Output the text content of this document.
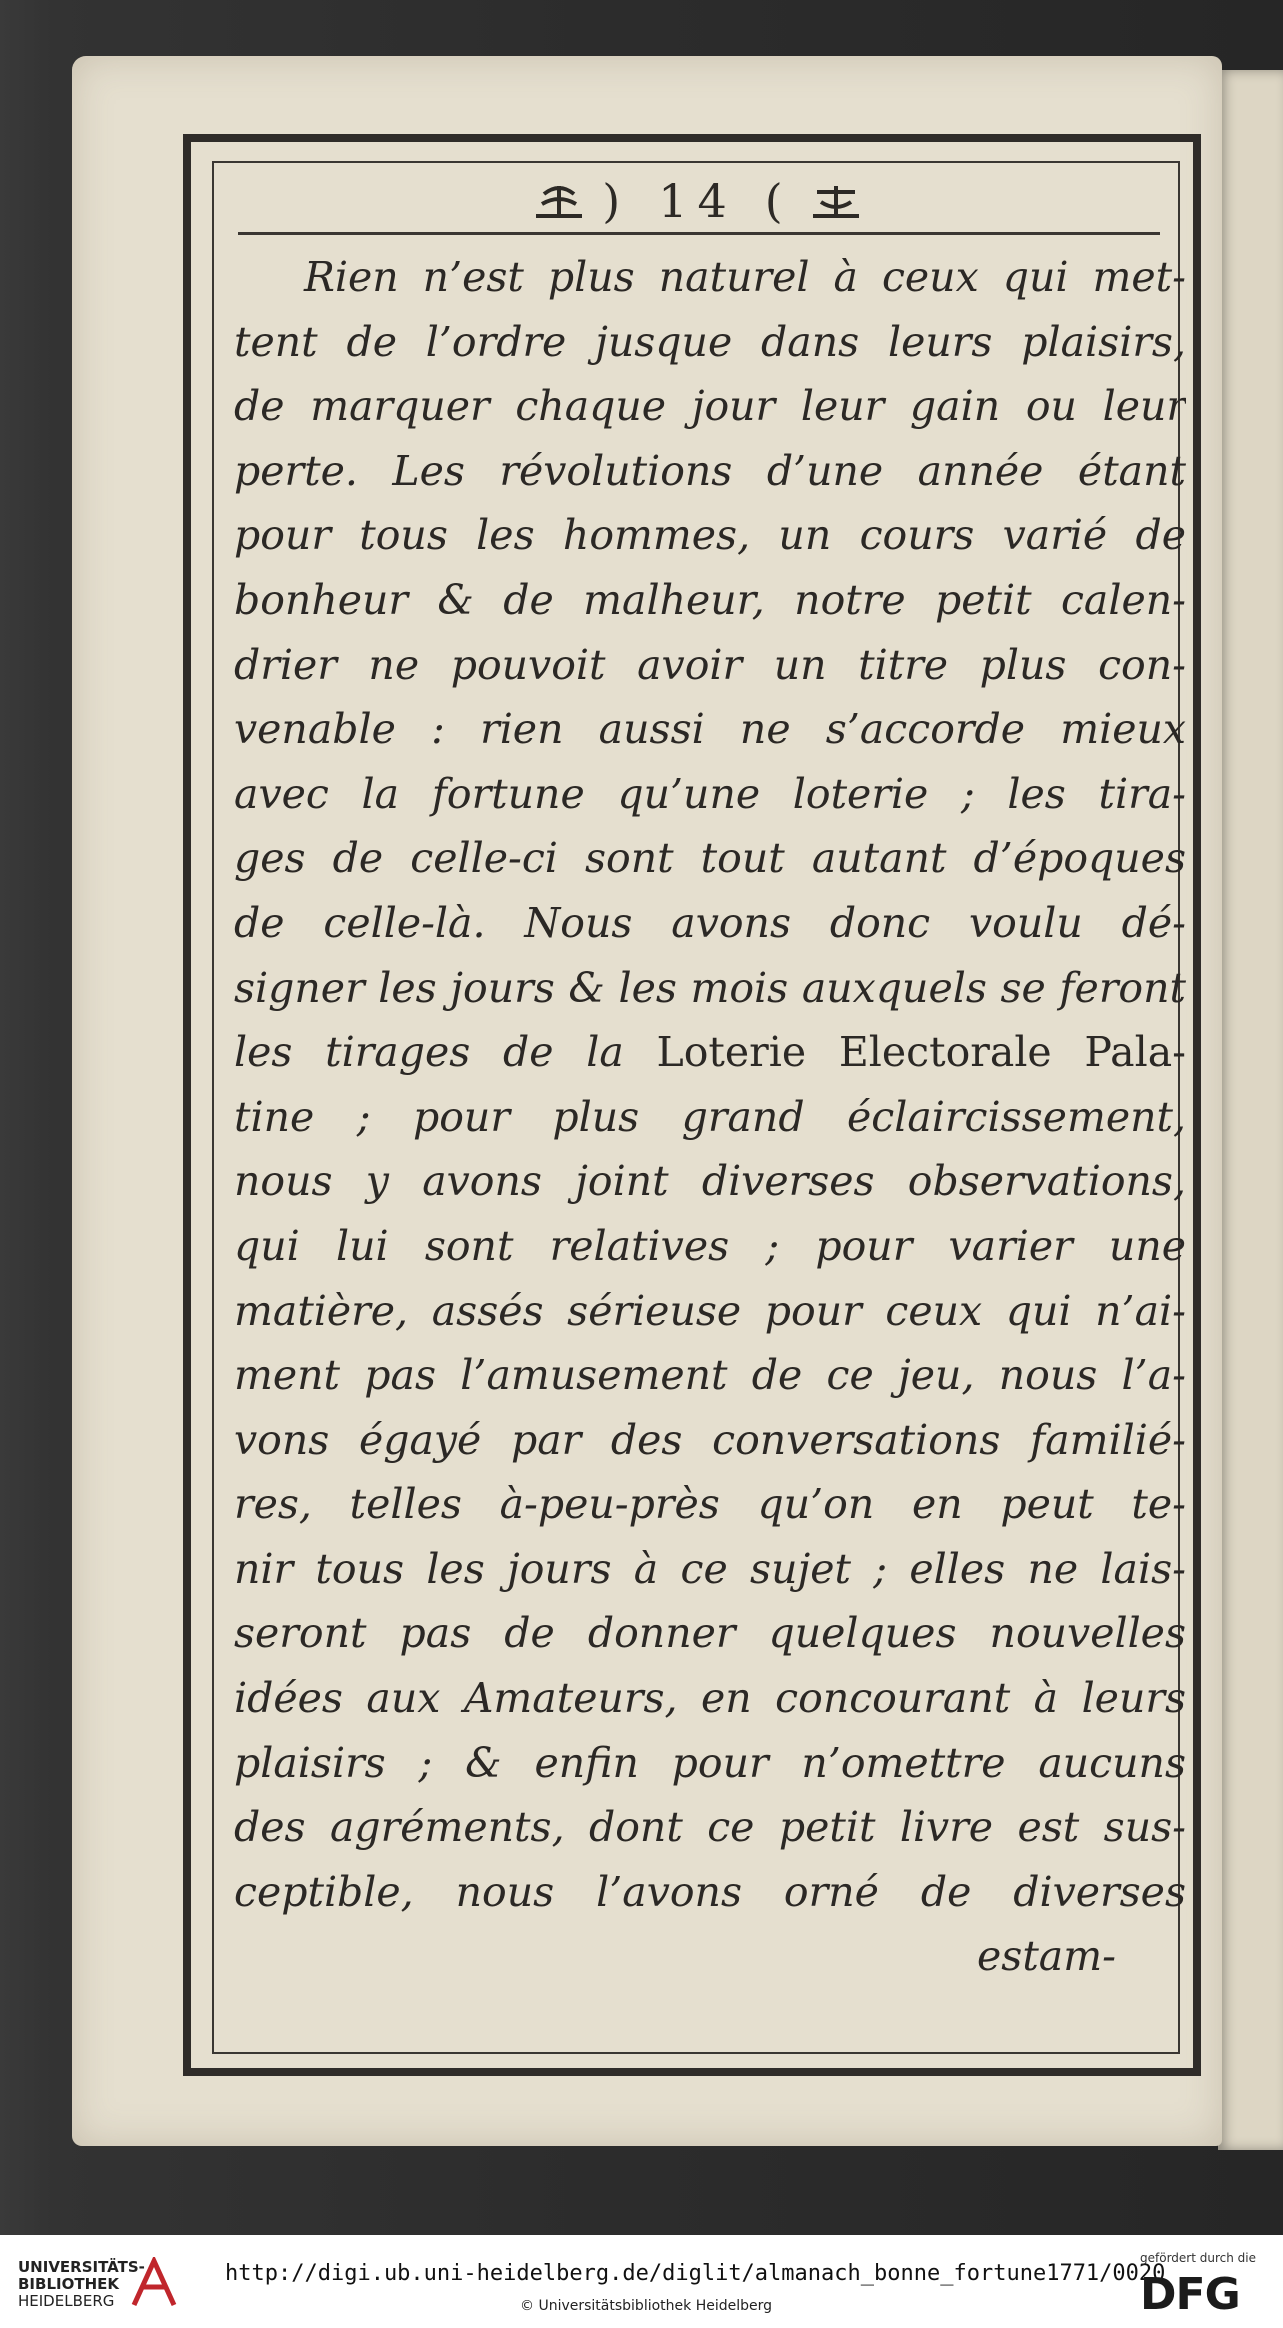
) 14 (
Rien n’est plus naturel à ceux qui met-
tent de l’ordre jusque dans leurs plaisirs,
de marquer chaque jour leur gain ou leur
perte. Les révolutions d’une année étant
pour tous les hommes, un cours varié de
bonheur & de malheur, notre petit calen-
drier ne pouvoit avoir un titre plus con-
venable : rien aussi ne s’accorde mieux
avec la fortune qu’une loterie ; les tira-
ges de celle-ci sont tout autant d’époques
de celle-là. Nous avons donc voulu dé-
signer les jours & les mois auxquels se feront
les tirages de la Loterie Electorale Pala-
tine ; pour plus grand éclaircissement,
nous y avons joint diverses observations,
qui lui sont relatives ; pour varier une
matière, assés sérieuse pour ceux qui n’ai-
ment pas l’amusement de ce jeu, nous l’a-
vons égayé par des conversations familié-
res, telles à-peu-près qu’on en peut te-
nir tous les jours à ce sujet ; elles ne lais-
seront pas de donner quelques nouvelles
idées aux Amateurs, en concourant à leurs
plaisirs ; & enfin pour n’omettre aucuns
des agréments, dont ce petit livre est sus-
ceptible, nous l’avons orné de diverses
estam-
UNIVERSITÄTS-
BIBLIOTHEK
HEIDELBERG
http://digi.ub.uni-heidelberg.de/diglit/almanach_bonne_fortune1771/0020
© Universitätsbibliothek Heidelberg
gefördert durch die
DFG
